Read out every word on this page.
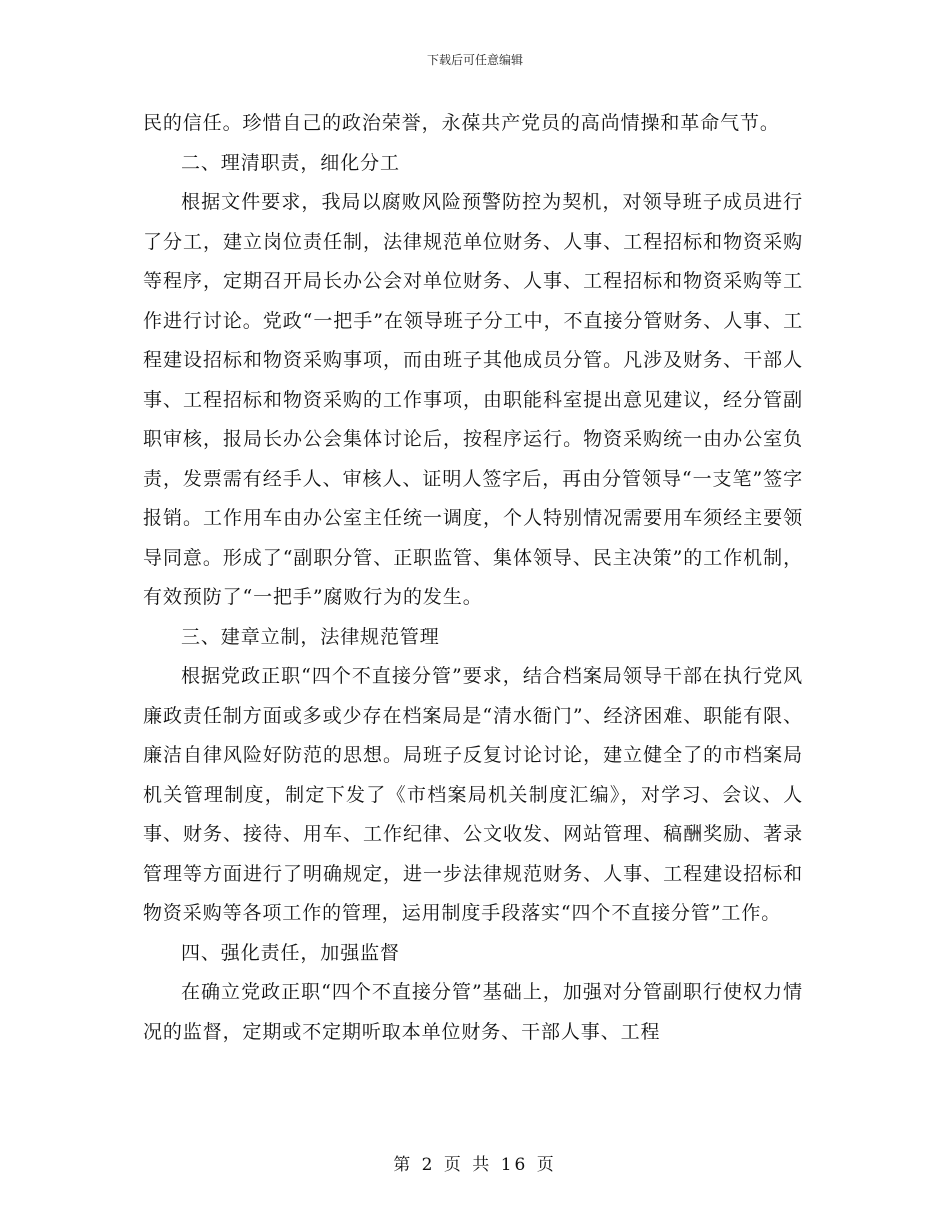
下载后可任意编辑

民的信任。珍惜自己的政治荣誉，永葆共产党员的高尚情操和革命气节。

二、理清职责，细化分工

根据文件要求，我局以腐败风险预警防控为契机，对领导班子成员进行了分工，建立岗位责任制，法律规范单位财务、人事、工程招标和物资采购等程序，定期召开局长办公会对单位财务、人事、工程招标和物资采购等工作进行讨论。党政“一把手”在领导班子分工中，不直接分管财务、人事、工程建设招标和物资采购事项，而由班子其他成员分管。凡涉及财务、干部人事、工程招标和物资采购的工作事项，由职能科室提出意见建议，经分管副职审核，报局长办公会集体讨论后，按程序运行。物资采购统一由办公室负责，发票需有经手人、审核人、证明人签字后，再由分管领导“一支笔”签字报销。工作用车由办公室主任统一调度，个人特别情况需要用车须经主要领导同意。形成了“副职分管、正职监管、集体领导、民主决策”的工作机制，有效预防了“一把手”腐败行为的发生。

三、建章立制，法律规范管理

根据党政正职“四个不直接分管”要求，结合档案局领导干部在执行党风廉政责任制方面或多或少存在档案局是“清水衙门”、经济困难、职能有限、廉洁自律风险好防范的思想。局班子反复讨论讨论，建立健全了的市档案局机关管理制度，制定下发了《市档案局机关制度汇编》，对学习、会议、人事、财务、接待、用车、工作纪律、公文收发、网站管理、稿酬奖励、著录管理等方面进行了明确规定，进一步法律规范财务、人事、工程建设招标和物资采购等各项工作的管理，运用制度手段落实“四个不直接分管”工作。

四、强化责任，加强监督

在确立党政正职“四个不直接分管”基础上，加强对分管副职行使权力情况的监督，定期或不定期听取本单位财务、干部人事、工程

第 2 页 共 16 页
